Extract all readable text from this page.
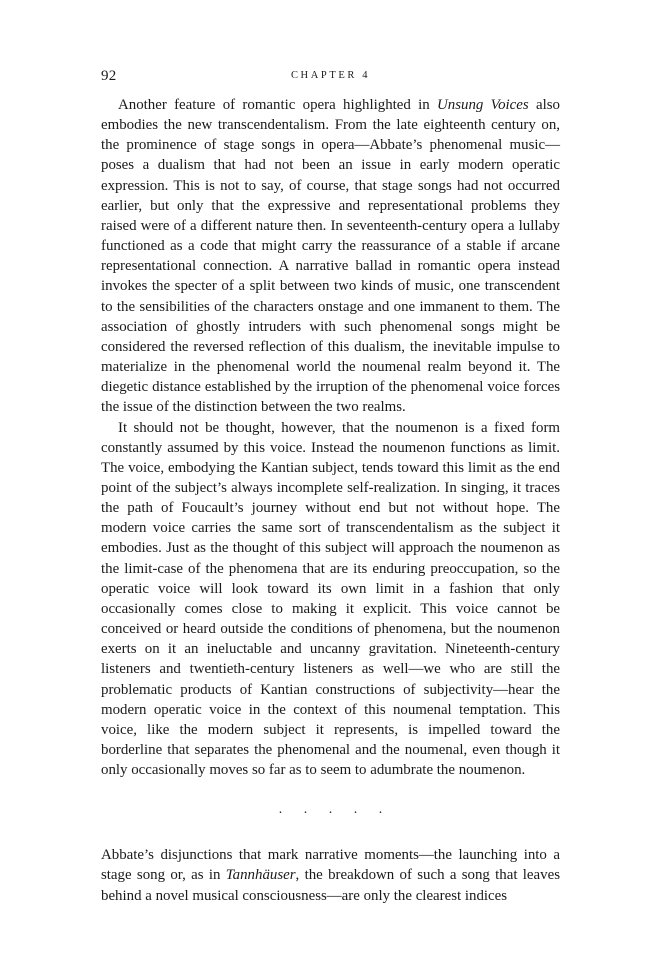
92	CHAPTER 4

Another feature of romantic opera highlighted in Unsung Voices also embodies the new transcendentalism. From the late eighteenth century on, the prominence of stage songs in opera—Abbate’s phenomenal music—poses a dualism that had not been an issue in early modern operatic expression. This is not to say, of course, that stage songs had not occurred earlier, but only that the expressive and representational problems they raised were of a different nature then. In seventeenth-century opera a lullaby functioned as a code that might carry the reassurance of a stable if arcane representational connection. A narrative ballad in romantic opera instead invokes the specter of a split between two kinds of music, one transcendent to the sensibilities of the characters onstage and one immanent to them. The association of ghostly intruders with such phenomenal songs might be considered the reversed reflection of this dualism, the inevitable impulse to materialize in the phenomenal world the noumenal realm beyond it. The diegetic distance established by the irruption of the phenomenal voice forces the issue of the distinction between the two realms.

It should not be thought, however, that the noumenon is a fixed form constantly assumed by this voice. Instead the noumenon functions as limit. The voice, embodying the Kantian subject, tends toward this limit as the end point of the subject’s always incomplete self-realization. In singing, it traces the path of Foucault’s journey without end but not without hope. The modern voice carries the same sort of transcendentalism as the subject it embodies. Just as the thought of this subject will approach the noumenon as the limit-case of the phenomena that are its enduring preoccupation, so the operatic voice will look toward its own limit in a fashion that only occasionally comes close to making it explicit. This voice cannot be conceived or heard outside the conditions of phenomena, but the noumenon exerts on it an ineluctable and uncanny gravitation. Nineteenth-century listeners and twentieth-century listeners as well—we who are still the problematic products of Kantian constructions of subjectivity—hear the modern operatic voice in the context of this noumenal temptation. This voice, like the modern subject it represents, is impelled toward the borderline that separates the phenomenal and the noumenal, even though it only occasionally moves so far as to seem to adumbrate the noumenon.

. . . . .

Abbate’s disjunctions that mark narrative moments—the launching into a stage song or, as in Tannhäuser, the breakdown of such a song that leaves behind a novel musical consciousness—are only the clearest indices
